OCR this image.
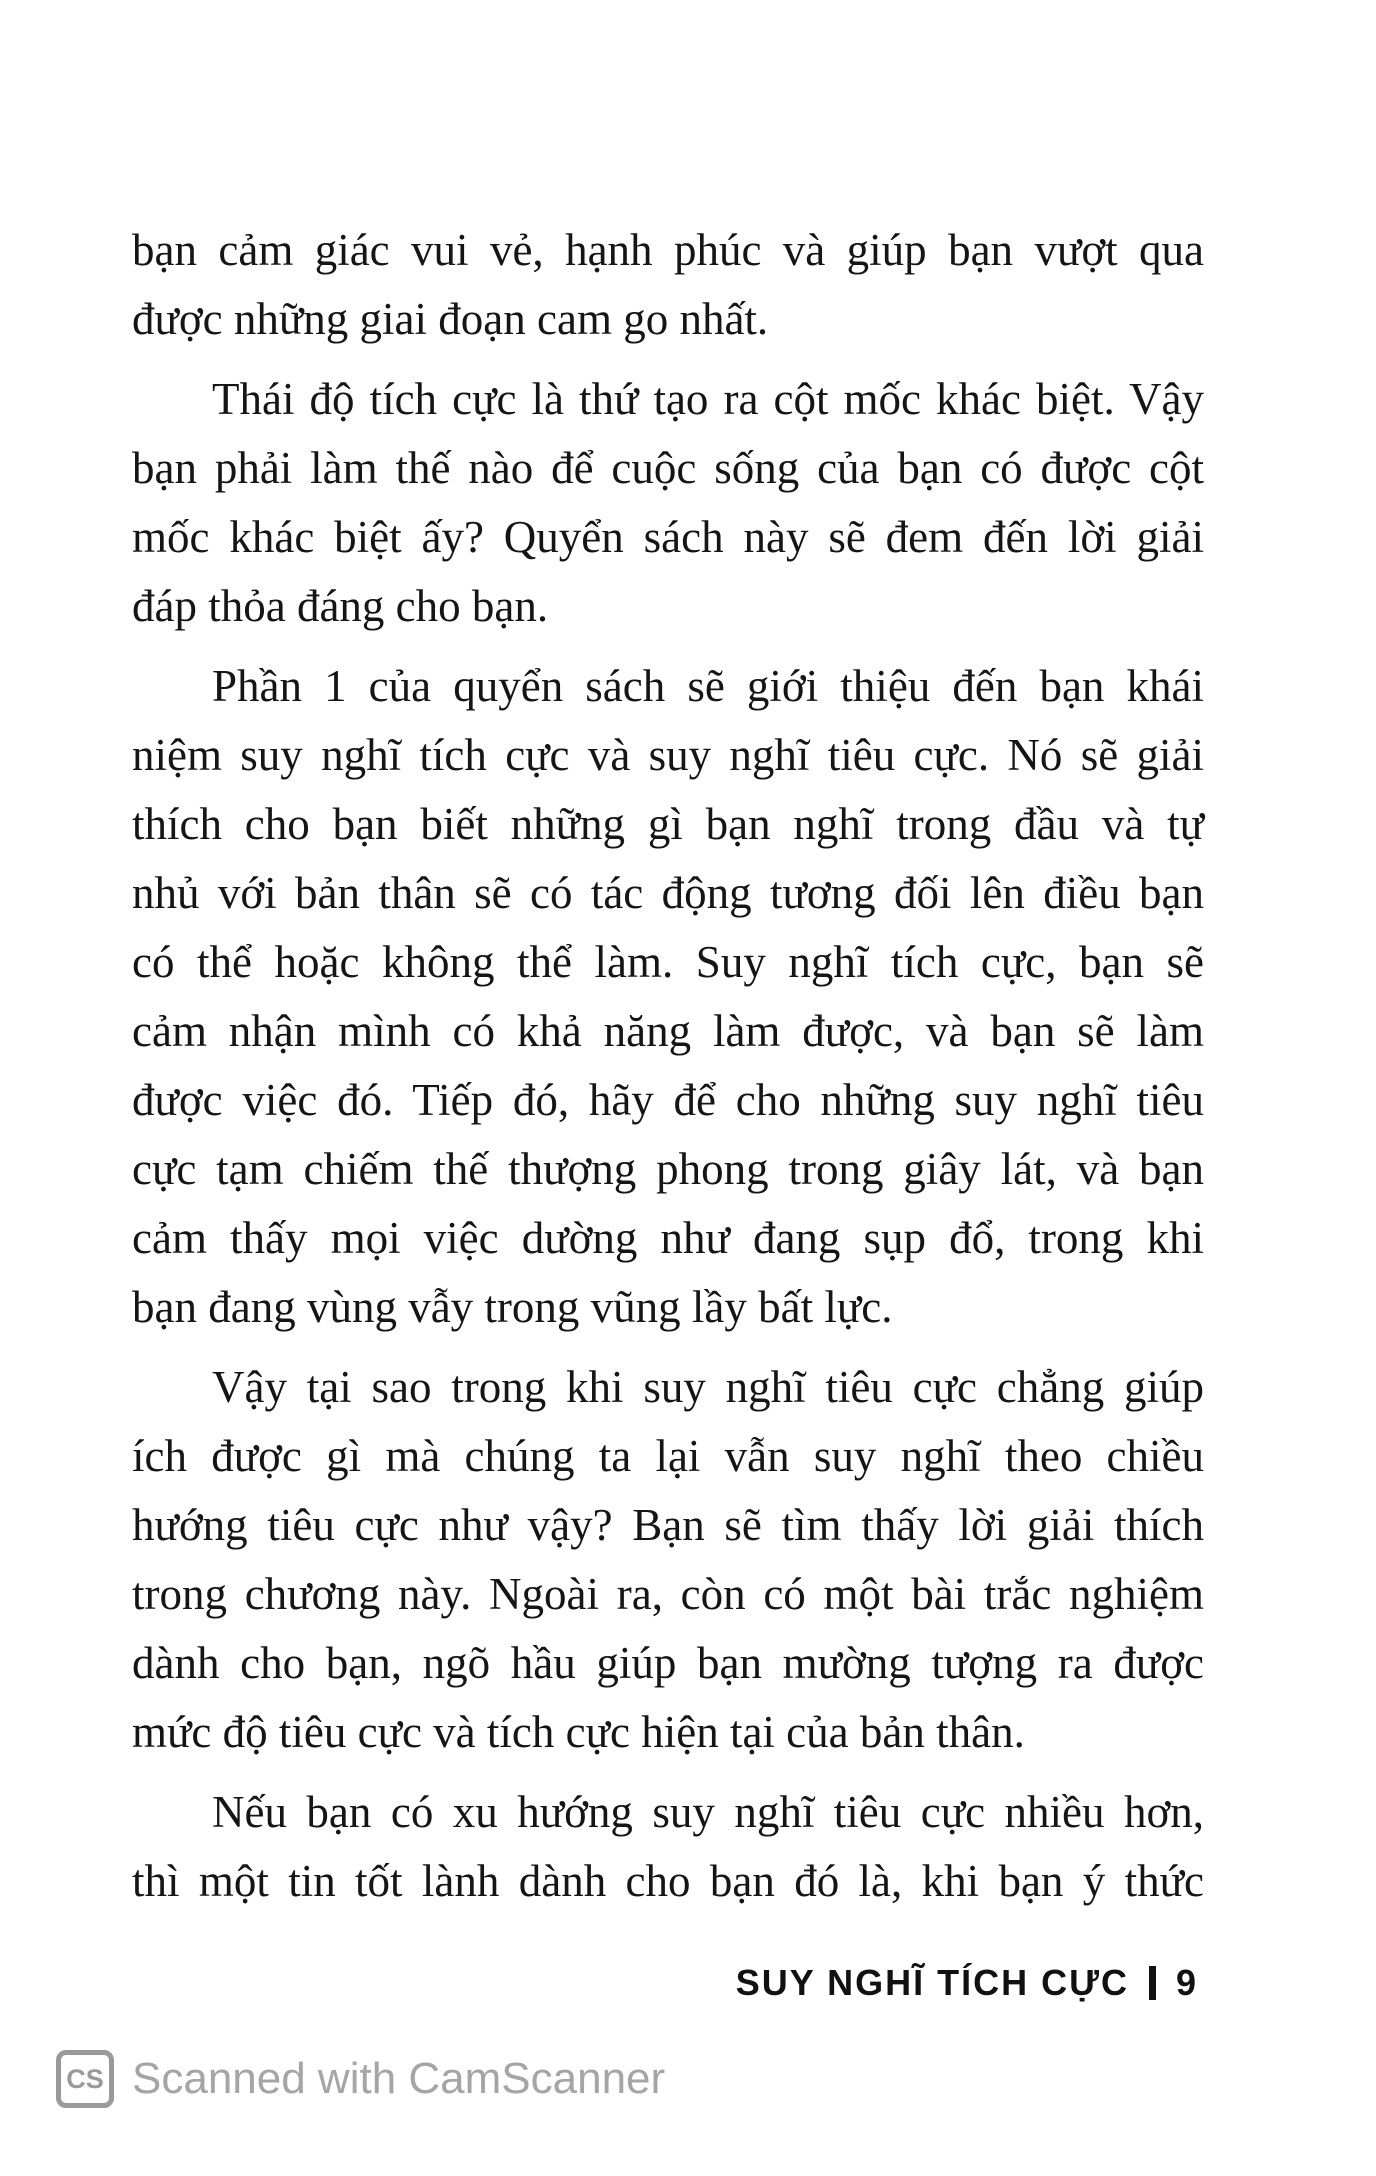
bạn cảm giác vui vẻ, hạnh phúc và giúp bạn vượt qua
được những giai đoạn cam go nhất.
Thái độ tích cực là thứ tạo ra cột mốc khác biệt. Vậy
bạn phải làm thế nào để cuộc sống của bạn có được cột
mốc khác biệt ấy? Quyển sách này sẽ đem đến lời giải
đáp thỏa đáng cho bạn.
Phần 1 của quyển sách sẽ giới thiệu đến bạn khái
niệm suy nghĩ tích cực và suy nghĩ tiêu cực. Nó sẽ giải
thích cho bạn biết những gì bạn nghĩ trong đầu và tự
nhủ với bản thân sẽ có tác động tương đối lên điều bạn
có thể hoặc không thể làm. Suy nghĩ tích cực, bạn sẽ
cảm nhận mình có khả năng làm được, và bạn sẽ làm
được việc đó. Tiếp đó, hãy để cho những suy nghĩ tiêu
cực tạm chiếm thế thượng phong trong giây lát, và bạn
cảm thấy mọi việc dường như đang sụp đổ, trong khi
bạn đang vùng vẫy trong vũng lầy bất lực.
Vậy tại sao trong khi suy nghĩ tiêu cực chẳng giúp
ích được gì mà chúng ta lại vẫn suy nghĩ theo chiều
hướng tiêu cực như vậy? Bạn sẽ tìm thấy lời giải thích
trong chương này. Ngoài ra, còn có một bài trắc nghiệm
dành cho bạn, ngõ hầu giúp bạn mường tượng ra được
mức độ tiêu cực và tích cực hiện tại của bản thân.
Nếu bạn có xu hướng suy nghĩ tiêu cực nhiều hơn,
thì một tin tốt lành dành cho bạn đó là, khi bạn ý thức
SUY NGHĨ TÍCH CỰC 9
CS Scanned with CamScanner
